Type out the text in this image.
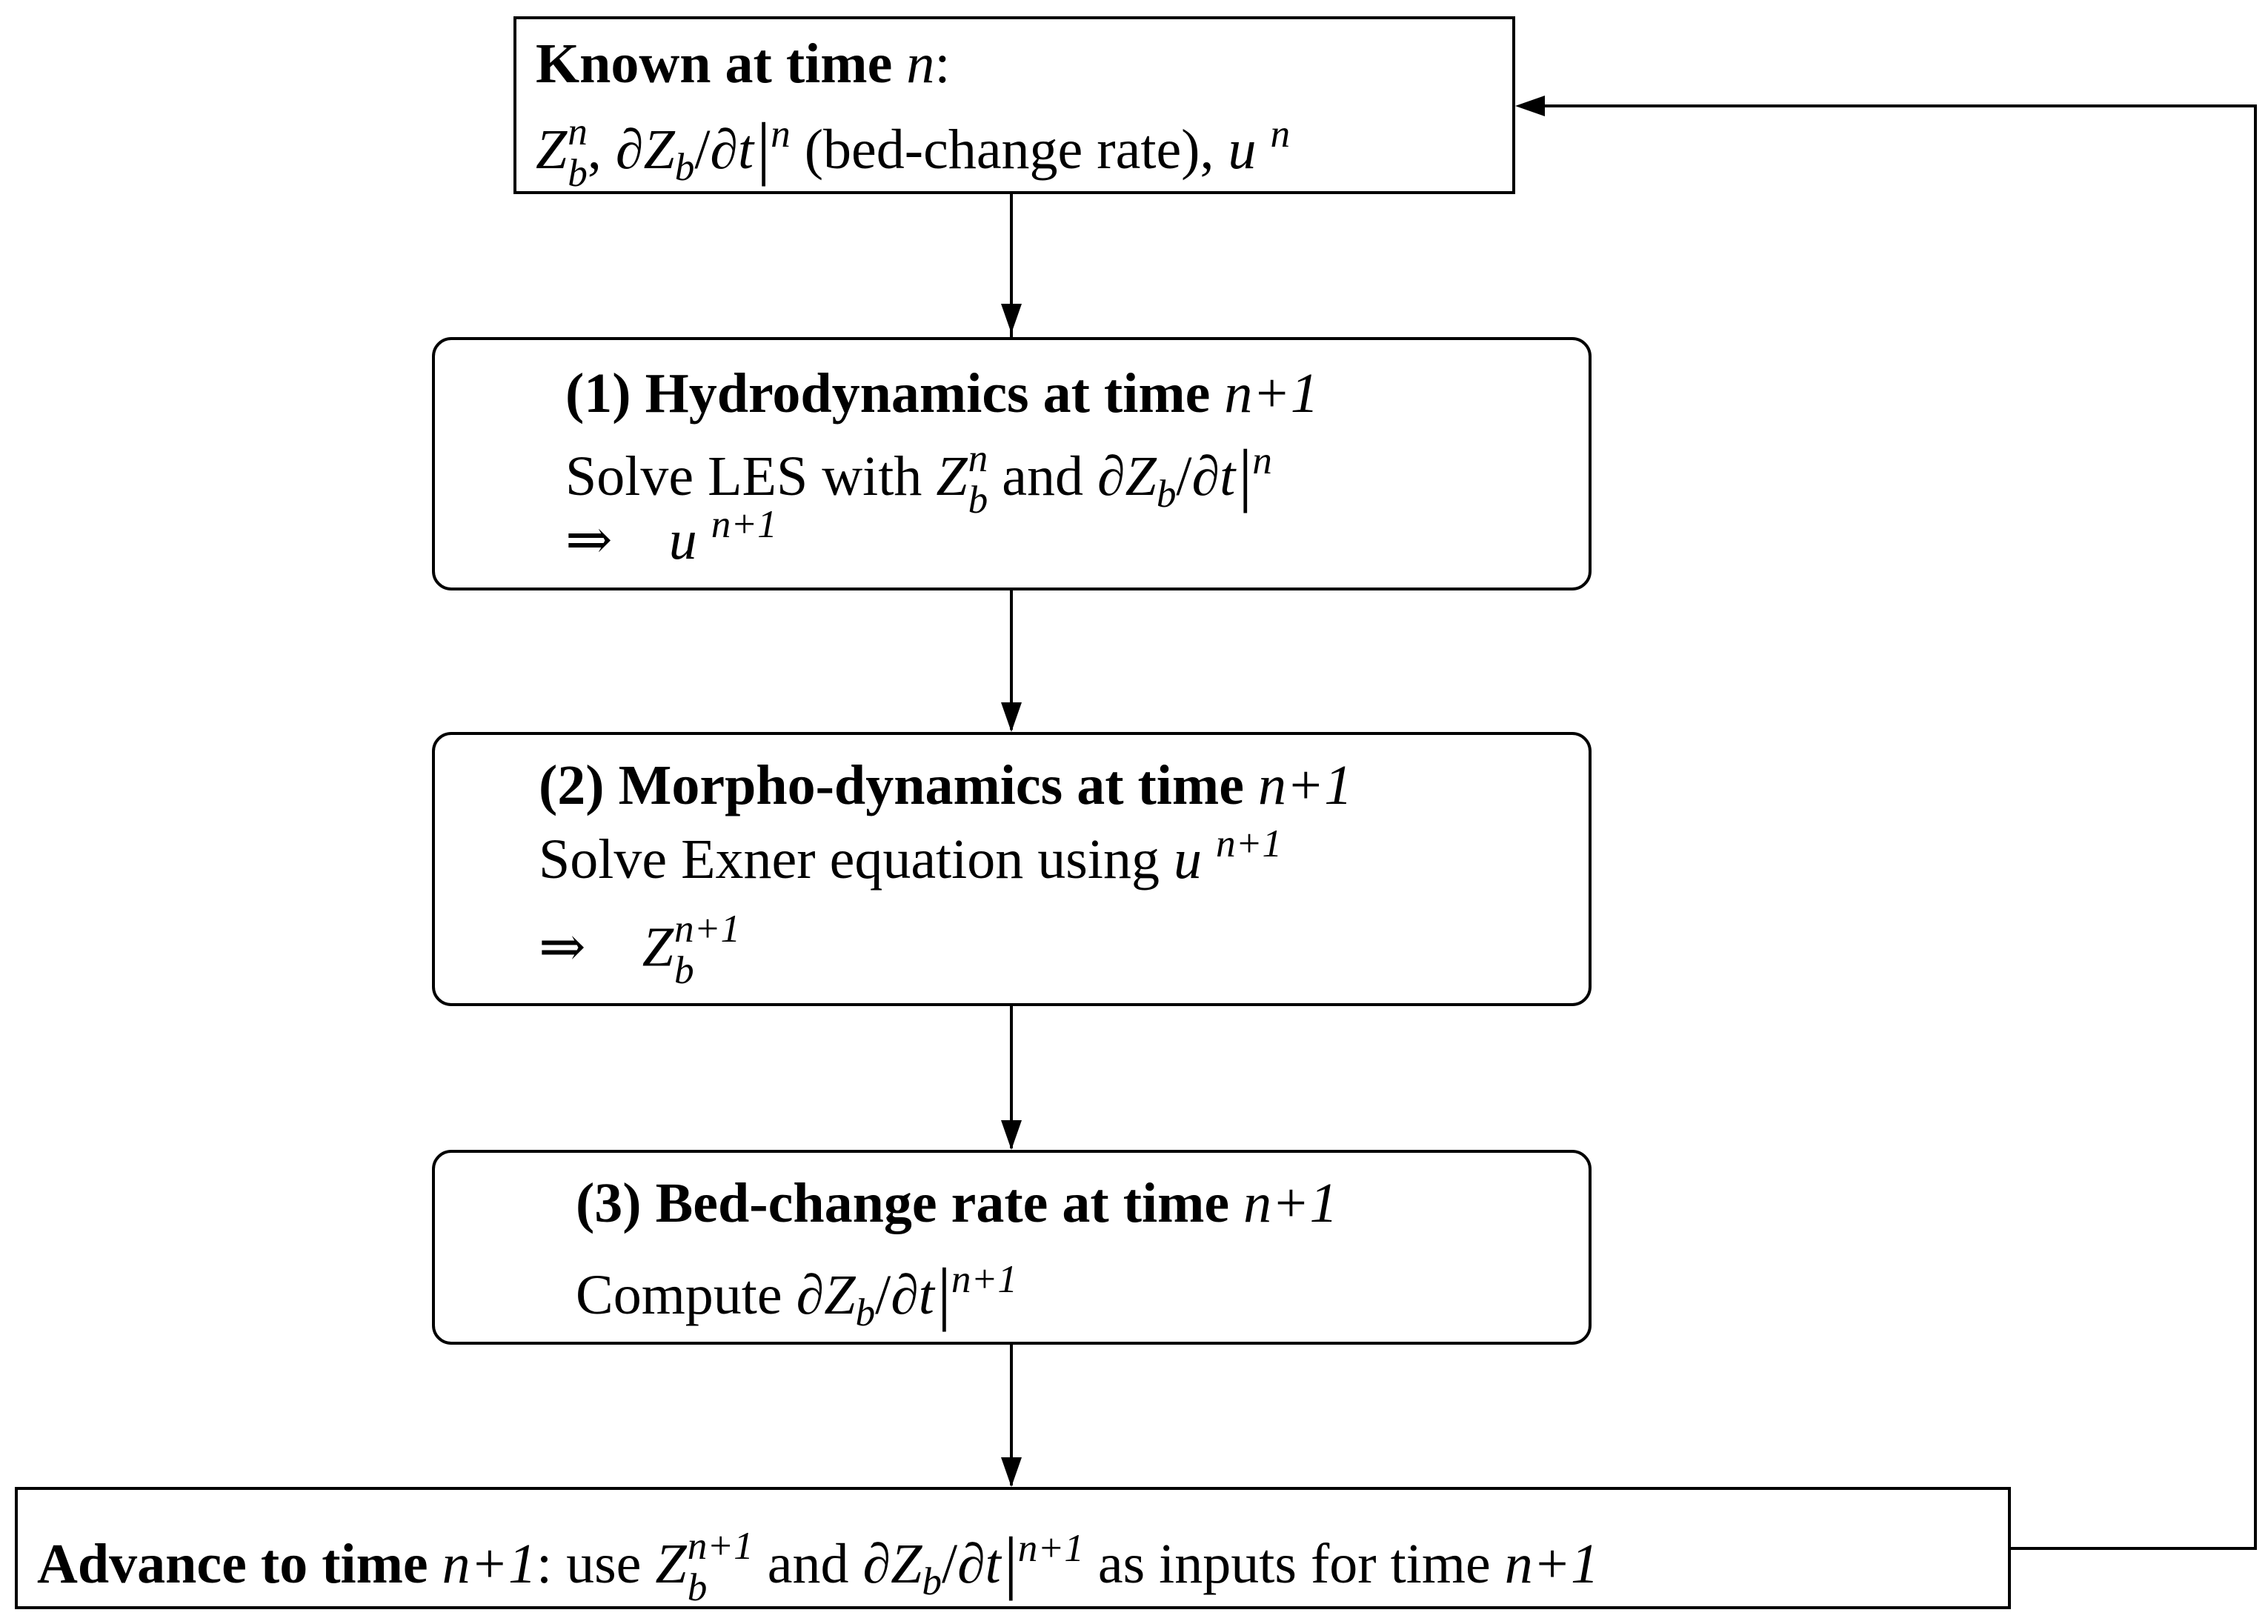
Known at time n:
Z n
b , $\partial Z_b/\partial t|^n$ (bed-change rate), u $^n$
(1) Hydrodynamics at time n+1
Solve LES with Z n
b and $\partial Z_b/\partial t|^n$
⇒ u $^{n+1}$
(2) Morpho-dynamics at time n+1
Solve Exner equation using u $^{n+1}$
⇒ Z n+1
b
(3) Bed-change rate at time n+1
Compute $\partial Z_b/\partial t|^{n+1}$
Advance to time n+1: use Z n+1
b	and $\partial Z_b/\partial t|^{n+1}$ as inputs for time n+1
